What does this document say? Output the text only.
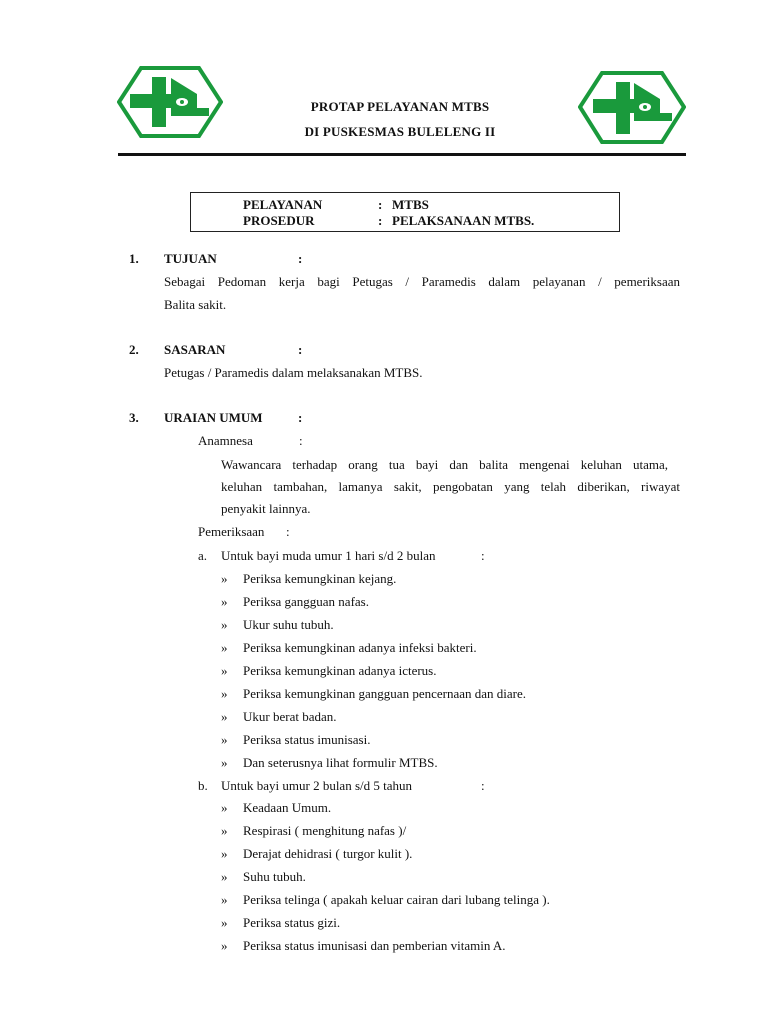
PROTAP PELAYANAN MTBS
DI PUSKESMAS BULELENG II
PELAYANAN	: MTBS
PROSEDUR	: PELAKSANAAN MTBS.
1. TUJUAN	:
Sebagai Pedoman kerja bagi Petugas / Paramedis dalam pelayanan / pemeriksaan
Balita sakit.
2. SASARAN	:
Petugas / Paramedis dalam melaksanakan MTBS.
3. URAIAN UMUM	:
Anamnesa	:
Wawancara terhadap orang tua bayi dan balita mengenai keluhan utama,
keluhan tambahan, lamanya sakit, pengobatan yang telah diberikan, riwayat
penyakit lainnya.
Pemeriksaan :
a. Untuk bayi muda umur 1 hari s/d 2 bulan	:
» Periksa kemungkinan kejang.
» Periksa gangguan nafas.
» Ukur suhu tubuh.
» Periksa kemungkinan adanya infeksi bakteri.
» Periksa kemungkinan adanya icterus.
» Periksa kemungkinan gangguan pencernaan dan diare.
» Ukur berat badan.
» Periksa status imunisasi.
» Dan seterusnya lihat formulir MTBS.
b. Untuk bayi umur 2 bulan s/d 5 tahun	:
» Keadaan Umum.
» Respirasi ( menghitung nafas )/
» Derajat dehidrasi ( turgor kulit ).
» Suhu tubuh.
» Periksa telinga ( apakah keluar cairan dari lubang telinga ).
» Periksa status gizi.
» Periksa status imunisasi dan pemberian vitamin A.
